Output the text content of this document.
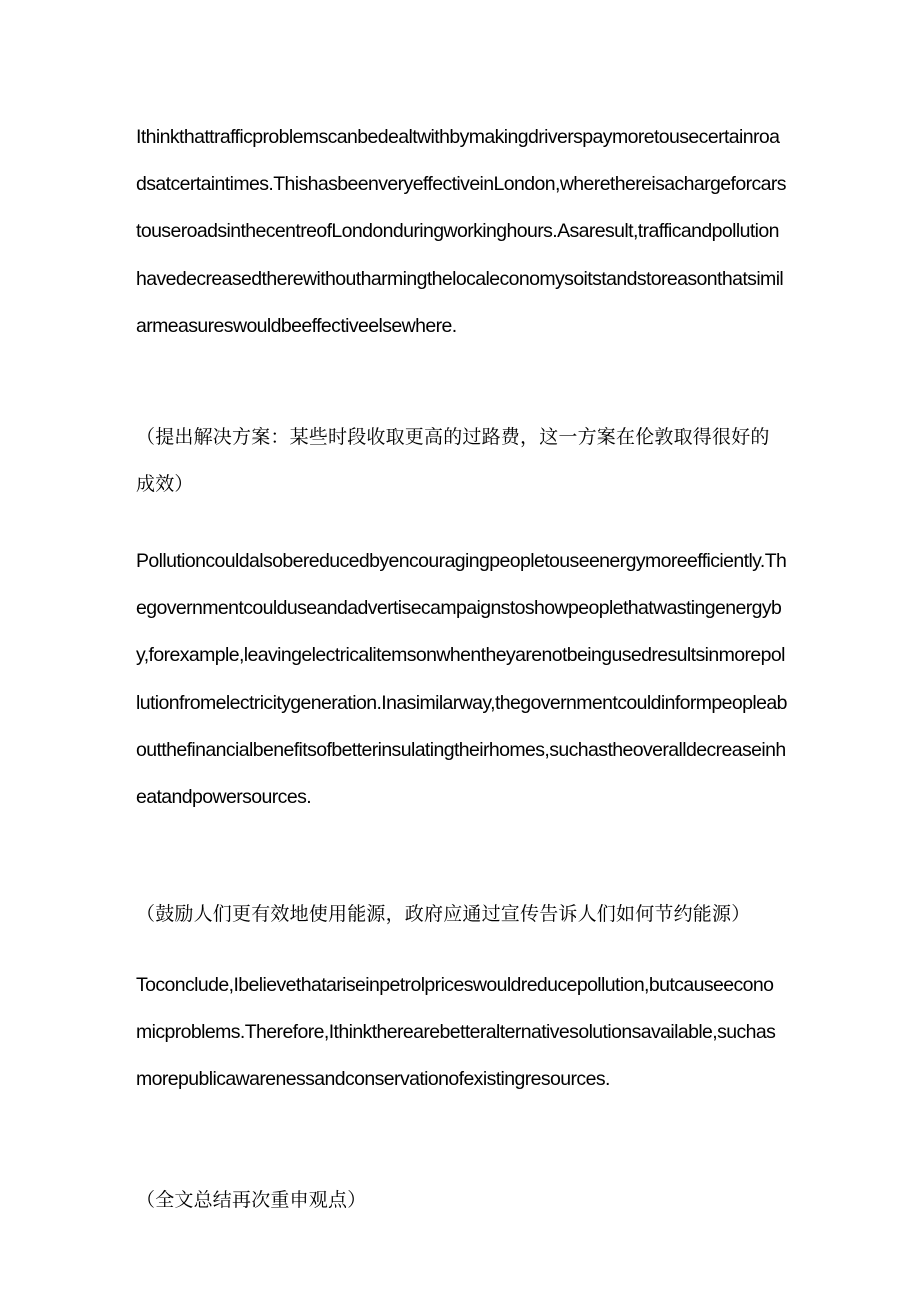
Ithinkthattrafficproblemscanbedealtwithbymakingdriverspaymoretousecertainroadsatcertaintimes.ThishasbeenveryeffectiveinLondon,wherethereisachargeforcarstouseroadsinthecentreofLondonduringworkinghours.Asaresult,trafficandpollutionhavedecreasedtherewithoutharmingthelocaleconomysoitstandstoreasonthatsimilarmeasureswouldbeeffectiveelsewhere.

（提出解决方案：某些时段收取更高的过路费，这一方案在伦敦取得很好的成效）

Pollutioncouldalsobereducedbyencouragingpeopletouseenergymoreefficiently.Thegovernmentcoulduseandadvertisecampaignstoshowpeoplethatwastingenergyby,forexample,leavingelectricalitemsonwhentheyarenotbeingusedresultsinmorepollutionfromelectricitygeneration.Inasimilarway,thegovernmentcouldinformpeopleaboutthefinancialbenefitsofbetterinsulatingtheirhomes,suchastheoveralldecreaseinheatandpowersources.

（鼓励人们更有效地使用能源，政府应通过宣传告诉人们如何节约能源）

Toconclude,Ibelievethatariseinpetrolpriceswouldreducepollution,butcauseeconomicproblems.Therefore,Ithinktherearebetteralternativesolutionsavailable,suchasmorepublicawarenessandconservationofexistingresources.

（全文总结再次重申观点）
